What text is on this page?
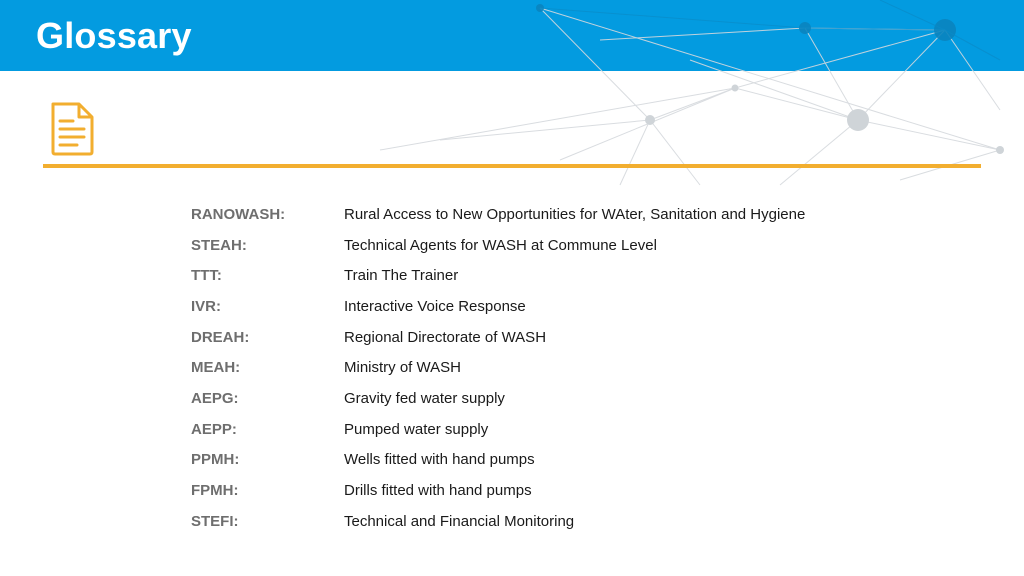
Glossary
RANOWASH:	Rural Access to New Opportunities for WAter, Sanitation and Hygiene
STEAH:	Technical Agents for WASH at Commune Level
TTT:	Train The Trainer
IVR:	Interactive Voice Response
DREAH:	Regional Directorate of WASH
MEAH:	Ministry of WASH
AEPG:	Gravity fed water supply
AEPP:	Pumped water supply
PPMH:	Wells fitted with hand pumps
FPMH:	Drills fitted with hand pumps
STEFI:	Technical and Financial Monitoring
